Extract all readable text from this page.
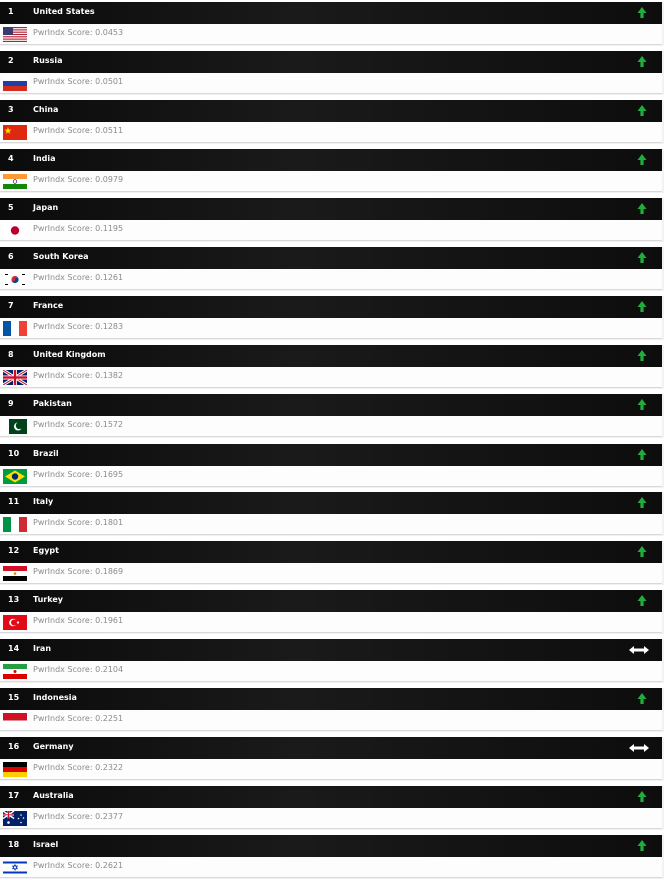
1	United States
PwrIndx Score: 0.0453
2	Russia
PwrIndx Score: 0.0501
3	China
PwrIndx Score: 0.0511
4	India
PwrIndx Score: 0.0979
5	Japan
PwrIndx Score: 0.1195
6	South Korea
PwrIndx Score: 0.1261
7	France
PwrIndx Score: 0.1283
8	United Kingdom
PwrIndx Score: 0.1382
9	Pakistan
PwrIndx Score: 0.1572
10	Brazil
PwrIndx Score: 0.1695
11	Italy
PwrIndx Score: 0.1801
12	Egypt
PwrIndx Score: 0.1869
13	Turkey
PwrIndx Score: 0.1961
14	Iran
PwrIndx Score: 0.2104
15	Indonesia
PwrIndx Score: 0.2251
16	Germany
PwrIndx Score: 0.2322
17	Australia
PwrIndx Score: 0.2377
18	Israel
PwrIndx Score: 0.2621
